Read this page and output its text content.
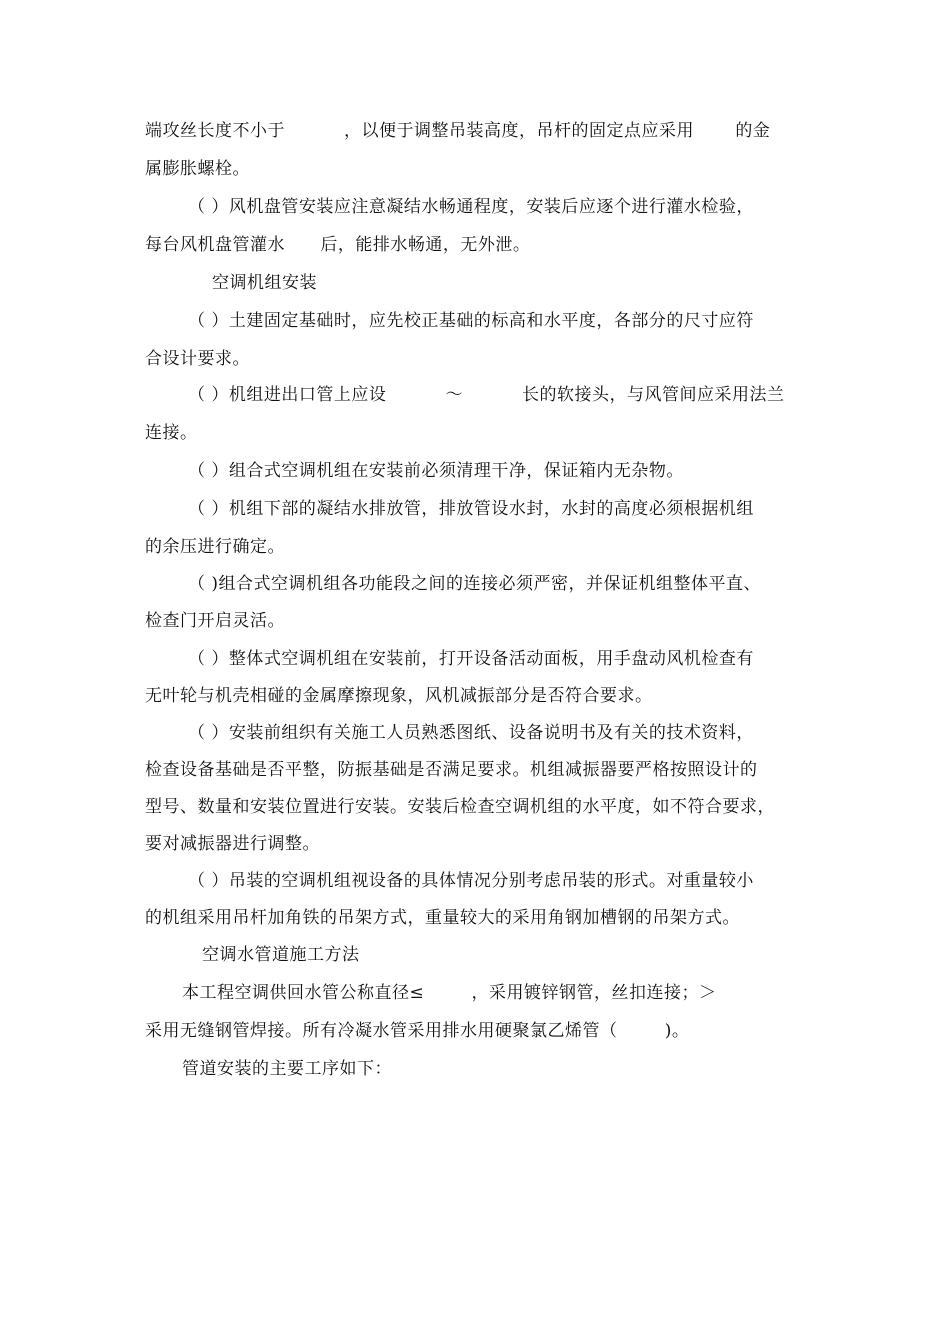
端攻丝长度不小于          ，以便于调整吊装高度，吊杆的固定点应采用       的金
属膨胀螺栓。
（ ）风机盘管安装应注意凝结水畅通程度，安装后应逐个进行灌水检验，
每台风机盘管灌水      后，能排水畅通，无外泄。
空调机组安装
（ ）土建固定基础时，应先校正基础的标高和水平度，各部分的尺寸应符
合设计要求。
（ ）机组进出口管上应设          ～          长的软接头，与风管间应采用法兰
连接。
（ ）组合式空调机组在安装前必须清理干净，保证箱内无杂物。
（ ）机组下部的凝结水排放管，排放管设水封，水封的高度必须根据机组
的余压进行确定。
（ )组合式空调机组各功能段之间的连接必须严密，并保证机组整体平直、
检查门开启灵活。
（ ）整体式空调机组在安装前，打开设备活动面板，用手盘动风机检查有
无叶轮与机壳相碰的金属摩擦现象，风机减振部分是否符合要求。
（ ）安装前组织有关施工人员熟悉图纸、设备说明书及有关的技术资料，
检查设备基础是否平整，防振基础是否满足要求。机组减振器要严格按照设计的
型号、数量和安装位置进行安装。安装后检查空调机组的水平度，如不符合要求，
要对减振器进行调整。
（ ）吊装的空调机组视设备的具体情况分别考虑吊装的形式。对重量较小
的机组采用吊杆加角铁的吊架方式，重量较大的采用角钢加槽钢的吊架方式。
空调水管道施工方法
本工程空调供回水管公称直径≤        ，采用镀锌钢管，丝扣连接；＞
采用无缝钢管焊接。所有冷凝水管采用排水用硬聚氯乙烯管（        )。
管道安装的主要工序如下：
